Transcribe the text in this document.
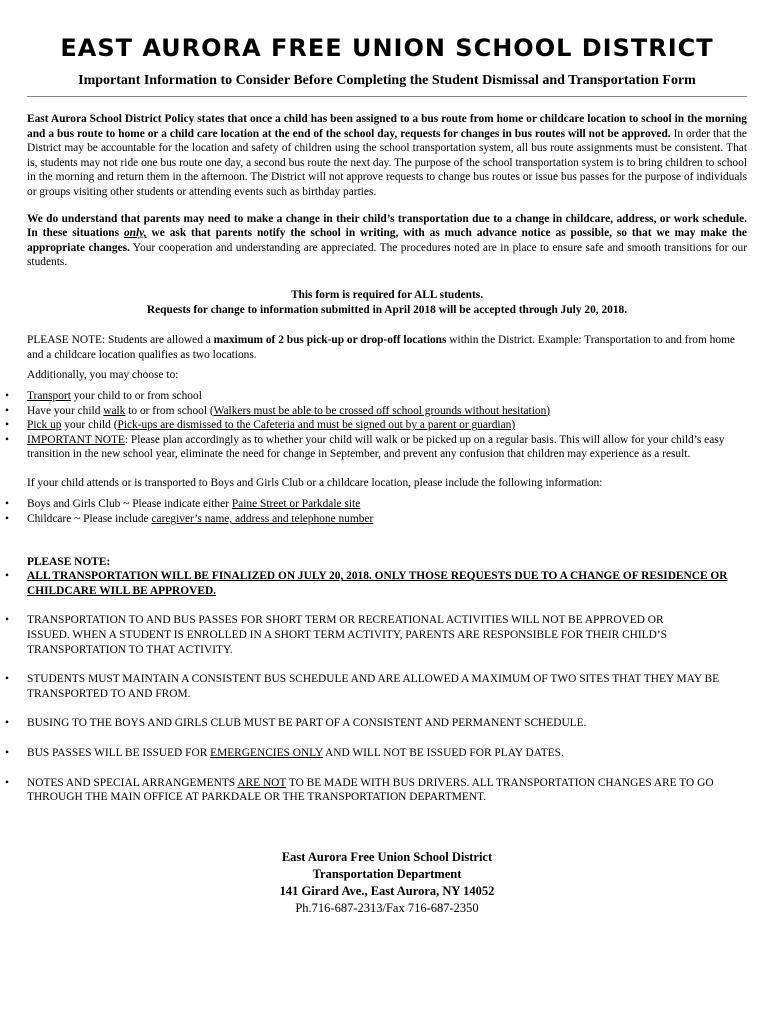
EAST AURORA FREE UNION SCHOOL DISTRICT
Important Information to Consider Before Completing the Student Dismissal and Transportation Form

East Aurora School District Policy states that once a child has been assigned to a bus route from home or childcare location to school in the morning and a bus route to home or a child care location at the end of the school day, requests for changes in bus routes will not be approved. In order that the District may be accountable for the location and safety of children using the school transportation system, all bus route assignments must be consistent. That is, students may not ride one bus route one day, a second bus route the next day. The purpose of the school transportation system is to bring children to school in the morning and return them in the afternoon. The District will not approve requests to change bus routes or issue bus passes for the purpose of individuals or groups visiting other students or attending events such as birthday parties.

We do understand that parents may need to make a change in their child’s transportation due to a change in childcare, address, or work schedule. In these situations only, we ask that parents notify the school in writing, with as much advance notice as possible, so that we may make the appropriate changes. Your cooperation and understanding are appreciated. The procedures noted are in place to ensure safe and smooth transitions for our students.

This form is required for ALL students.
Requests for change to information submitted in April 2018 will be accepted through July 20, 2018.

PLEASE NOTE: Students are allowed a maximum of 2 bus pick-up or drop-off locations within the District. Example: Transportation to and from home and a childcare location qualifies as two locations.

Additionally, you may choose to:

• Transport your child to or from school
• Have your child walk to or from school (Walkers must be able to be crossed off school grounds without hesitation)
• Pick up your child (Pick-ups are dismissed to the Cafeteria and must be signed out by a parent or guardian)
• IMPORTANT NOTE: Please plan accordingly as to whether your child will walk or be picked up on a regular basis. This will allow for your child’s easy transition in the new school year, eliminate the need for change in September, and prevent any confusion that children may experience as a result.

If your child attends or is transported to Boys and Girls Club or a childcare location, please include the following information:

• Boys and Girls Club ~ Please indicate either Paine Street or Parkdale site
• Childcare ~ Please include caregiver’s name, address and telephone number
PLEASE NOTE:
• ALL TRANSPORTATION WILL BE FINALIZED ON JULY 20, 2018. ONLY THOSE REQUESTS DUE TO A CHANGE OF RESIDENCE OR CHILDCARE WILL BE APPROVED.
• TRANSPORTATION TO AND BUS PASSES FOR SHORT TERM OR RECREATIONAL ACTIVITIES WILL NOT BE APPROVED OR ISSUED. WHEN A STUDENT IS ENROLLED IN A SHORT TERM ACTIVITY, PARENTS ARE RESPONSIBLE FOR THEIR CHILD’S TRANSPORTATION TO THAT ACTIVITY.
• STUDENTS MUST MAINTAIN A CONSISTENT BUS SCHEDULE AND ARE ALLOWED A MAXIMUM OF TWO SITES THAT THEY MAY BE TRANSPORTED TO AND FROM.
• BUSING TO THE BOYS AND GIRLS CLUB MUST BE PART OF A CONSISTENT AND PERMANENT SCHEDULE.
• BUS PASSES WILL BE ISSUED FOR EMERGENCIES ONLY AND WILL NOT BE ISSUED FOR PLAY DATES.
• NOTES AND SPECIAL ARRANGEMENTS ARE NOT TO BE MADE WITH BUS DRIVERS. ALL TRANSPORTATION CHANGES ARE TO GO THROUGH THE MAIN OFFICE AT PARKDALE OR THE TRANSPORTATION DEPARTMENT.
East Aurora Free Union School District
Transportation Department
141 Girard Ave., East Aurora, NY 14052
Ph.716-687-2313/Fax 716-687-2350
